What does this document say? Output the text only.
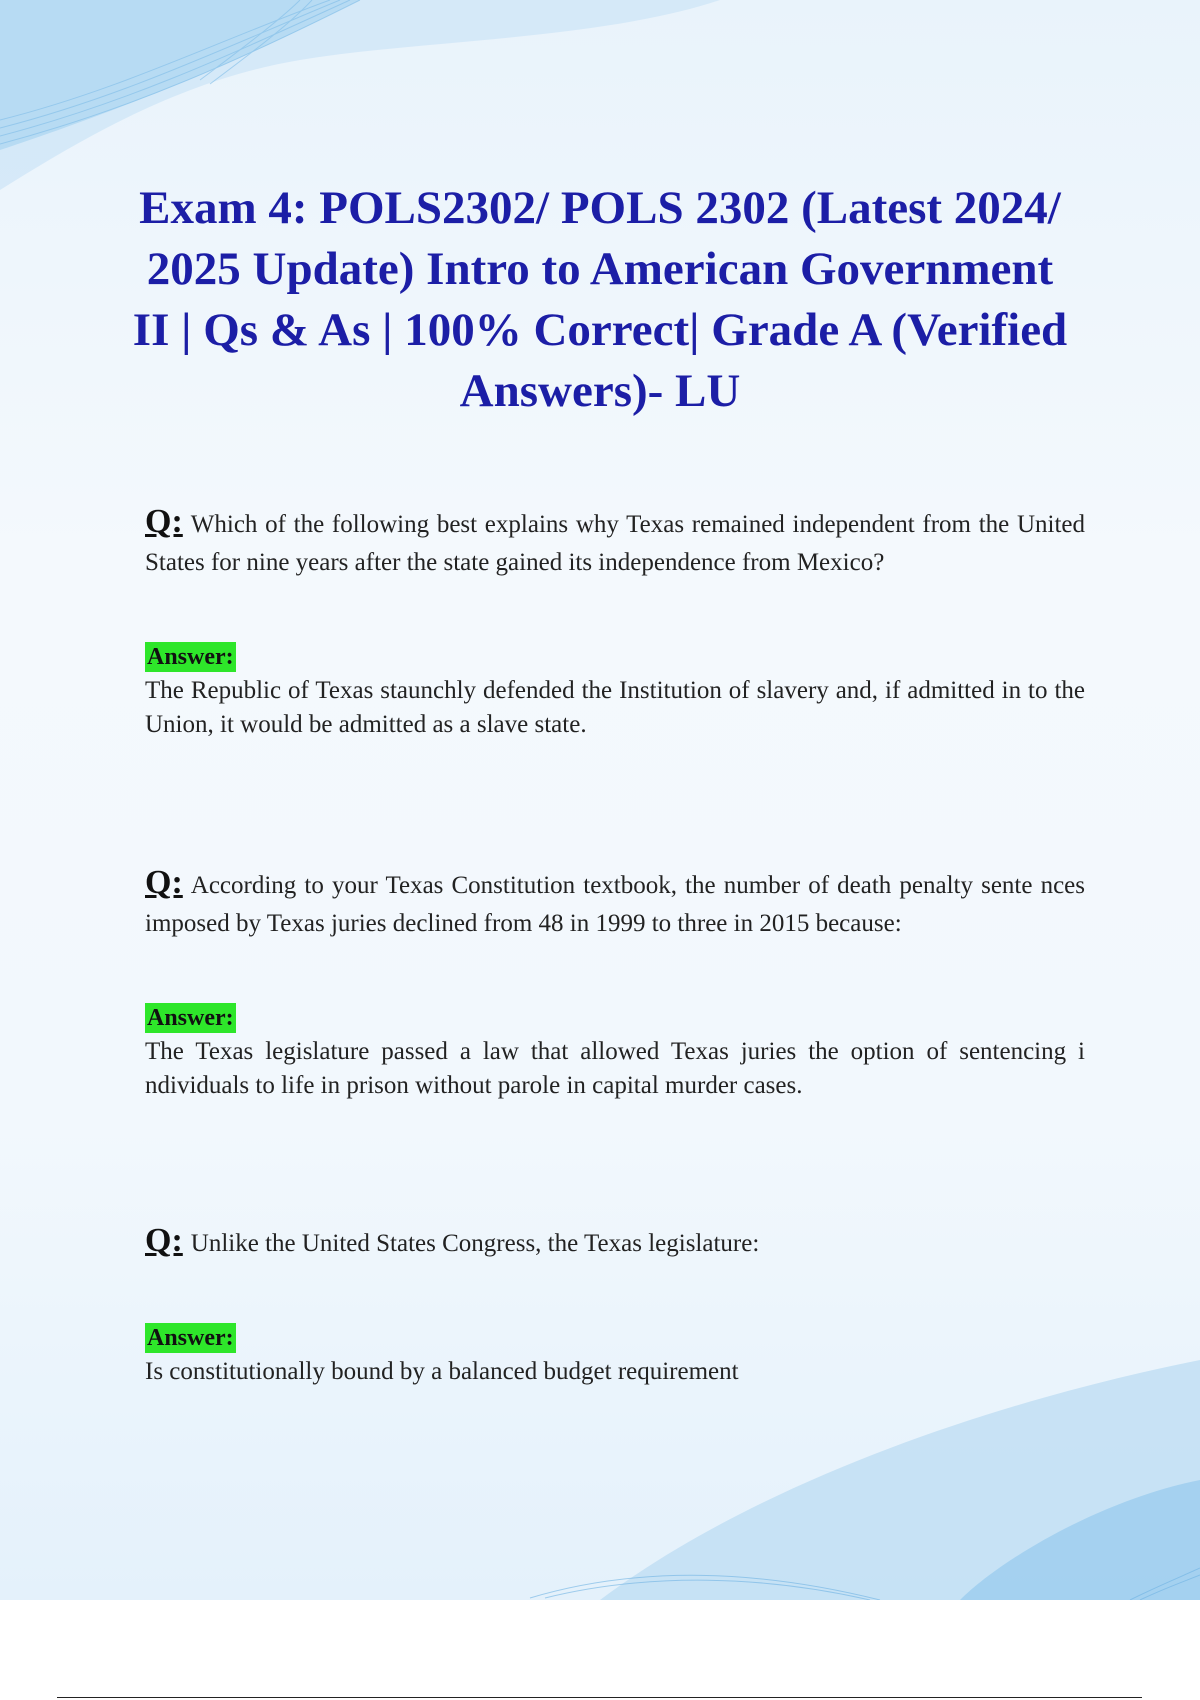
Exam 4: POLS2302/ POLS 2302 (Latest 2024/ 2025 Update) Intro to American Government II | Qs & As | 100% Correct| Grade A (Verified Answers)- LU

Q: Which of the following best explains why Texas remained independent from the United States for nine years after the state gained its independence from Mexico?

Answer:

The Republic of Texas staunchly defended the Institution of slavery and, if admitted in to the Union, it would be admitted as a slave state.

Q: According to your Texas Constitution textbook, the number of death penalty sente nces imposed by Texas juries declined from 48 in 1999 to three in 2015 because:

Answer:

The Texas legislature passed a law that allowed Texas juries the option of sentencing i ndividuals to life in prison without parole in capital murder cases.

Q: Unlike the United States Congress, the Texas legislature:

Answer:

Is constitutionally bound by a balanced budget requirement
